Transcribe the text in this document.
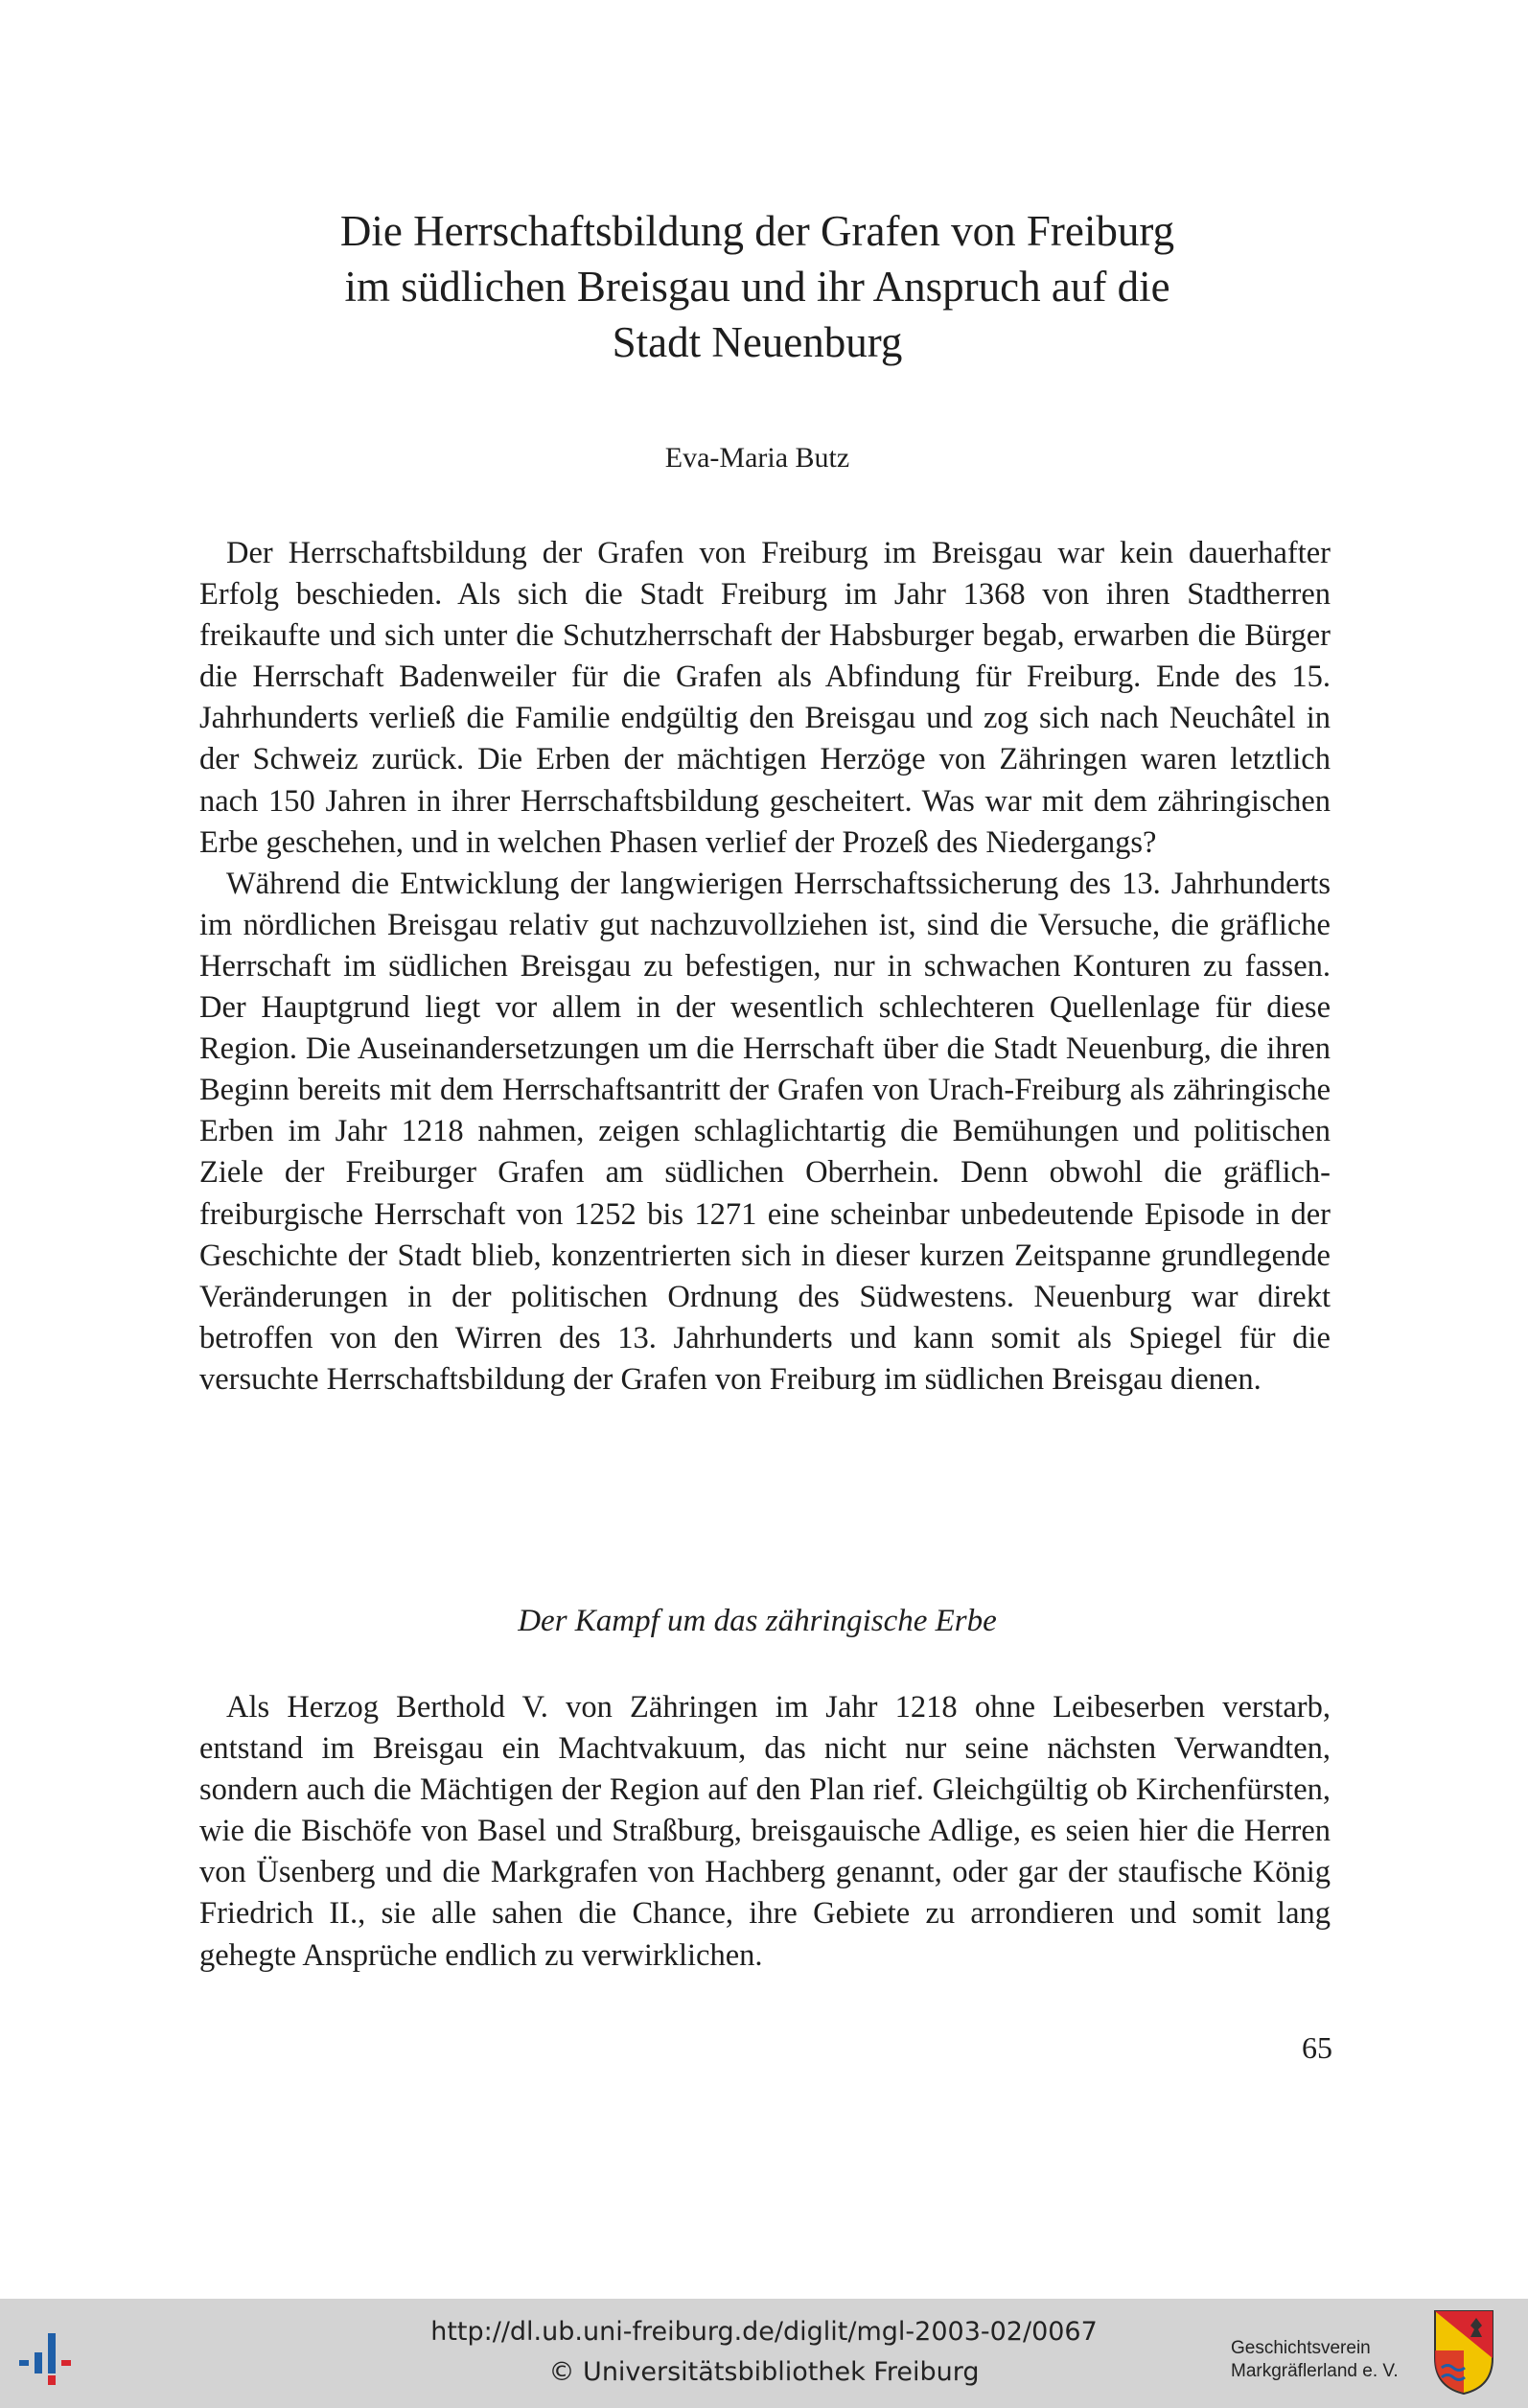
Die Herrschaftsbildung der Grafen von Freiburg
im südlichen Breisgau und ihr Anspruch auf die
Stadt Neuenburg
Eva-Maria Butz

Der Herrschaftsbildung der Grafen von Freiburg im Breisgau war kein dauerhafter Erfolg beschieden. Als sich die Stadt Freiburg im Jahr 1368 von ihren Stadtherren freikaufte und sich unter die Schutzherrschaft der Habsburger begab, erwarben die Bürger die Herrschaft Badenweiler für die Grafen als Abfindung für Freiburg. Ende des 15. Jahrhunderts verließ die Familie endgültig den Breisgau und zog sich nach Neuchâtel in der Schweiz zurück. Die Erben der mächtigen Herzöge von Zähringen waren letztlich nach 150 Jahren in ihrer Herrschaftsbildung gescheitert. Was war mit dem zähringischen Erbe geschehen, und in welchen Phasen verlief der Prozeß des Niedergangs?

Während die Entwicklung der langwierigen Herrschaftssicherung des 13. Jahrhunderts im nördlichen Breisgau relativ gut nachzuvollziehen ist, sind die Versuche, die gräfliche Herrschaft im südlichen Breisgau zu befestigen, nur in schwachen Konturen zu fassen. Der Hauptgrund liegt vor allem in der wesentlich schlechteren Quellenlage für diese Region. Die Auseinandersetzungen um die Herrschaft über die Stadt Neuenburg, die ihren Beginn bereits mit dem Herrschaftsantritt der Grafen von Urach-Freiburg als zähringische Erben im Jahr 1218 nahmen, zeigen schlaglichtartig die Bemühungen und politischen Ziele der Freiburger Grafen am südlichen Oberrhein. Denn obwohl die gräflich-freiburgische Herrschaft von 1252 bis 1271 eine scheinbar unbedeutende Episode in der Geschichte der Stadt blieb, konzentrierten sich in dieser kurzen Zeitspanne grundlegende Veränderungen in der politischen Ordnung des Südwestens. Neuenburg war direkt betroffen von den Wirren des 13. Jahrhunderts und kann somit als Spiegel für die versuchte Herrschaftsbildung der Grafen von Freiburg im südlichen Breisgau dienen.

Der Kampf um das zähringische Erbe

Als Herzog Berthold V. von Zähringen im Jahr 1218 ohne Leibeserben verstarb, entstand im Breisgau ein Machtvakuum, das nicht nur seine nächsten Verwandten, sondern auch die Mächtigen der Region auf den Plan rief. Gleichgültig ob Kirchenfürsten, wie die Bischöfe von Basel und Straßburg, breisgauische Adlige, es seien hier die Herren von Üsenberg und die Markgrafen von Hachberg genannt, oder gar der staufische König Friedrich II., sie alle sahen die Chance, ihre Gebiete zu arrondieren und somit lang gehegte Ansprüche endlich zu verwirklichen.

65
http://dl.ub.uni-freiburg.de/diglit/mgl-2003-02/0067
© Universitätsbibliothek Freiburg
Geschichtsverein
Markgräflerland e. V.
